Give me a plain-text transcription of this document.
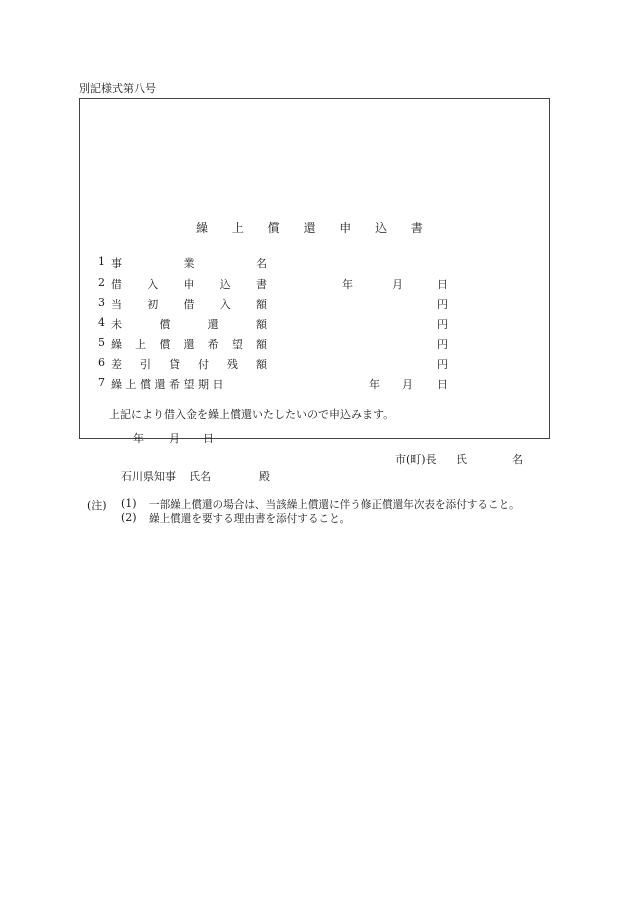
別記様式第八号
繰 上 償 還 申 込 書
1 事 業 名
2 借 入 申 込 書	年	月	日
3 当 初 借 入 額	円
4 未 償 還 額	円
5 繰 上 償 還 希 望 額	円
6 差 引 貸 付 残 額	円
7 繰上償還希望期日	年 月 日
上記により借入金を繰上償還いたしたいので申込みます。
年 月 日
市(町)長 氏	名
石川県知事 氏名	殿
(注) (1) 一部繰上償還の場合は、当該繰上償還に伴う修正償還年次表を添付すること。
(2) 繰上償還を要する理由書を添付すること。
